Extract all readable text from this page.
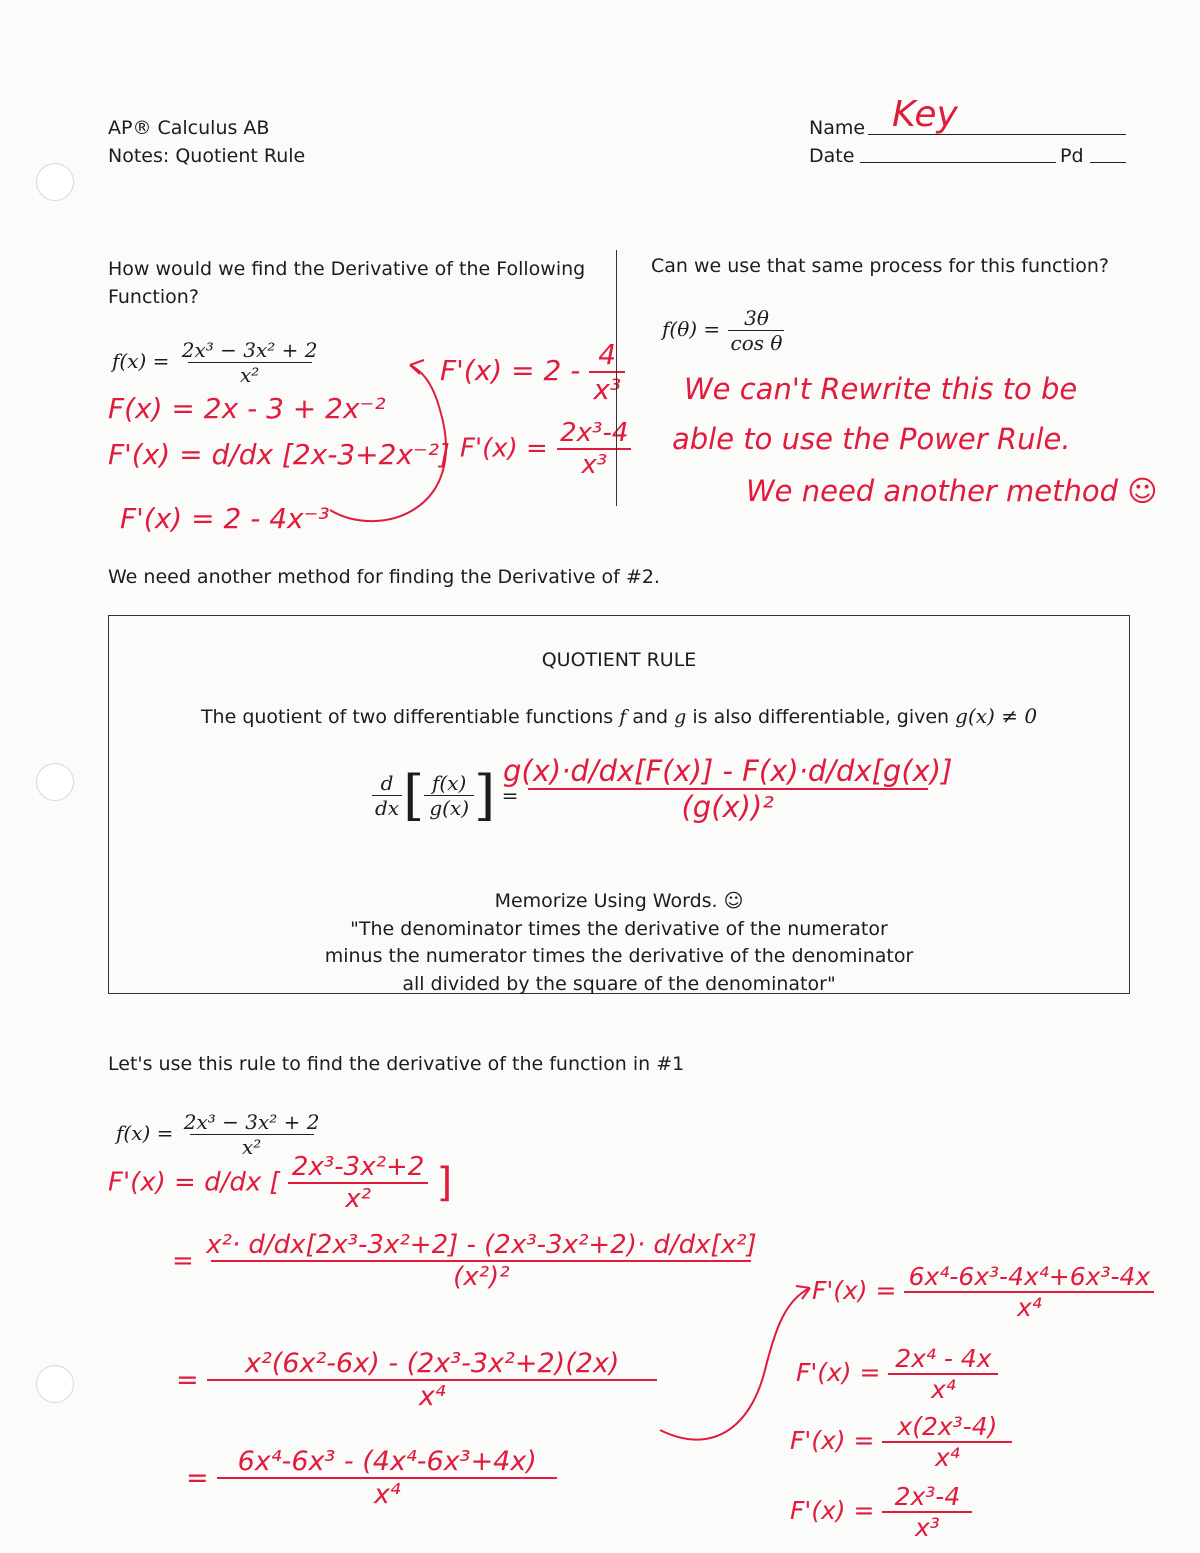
AP® Calculus AB
Notes: Quotient Rule
Name Key
Date	Pd
How would we find the Derivative of the Following Function?
$f(x) = \frac{\text{2x³ − 3x² + 2}}{\text{x²}}$
F(x) = 2x - 3 + 2x⁻²
F'(x) = d/dx [2x-3+2x⁻²]
F'(x) = 2 - 4x⁻³
$F'(x) = 2 - \frac{4}{\text{x³}}$
$F'(x) = \frac{\text{2x³-4}}{\text{x³}}$
Can we use that same process for this function?
$f(\theta) = \frac{3\theta}{\text{cos θ}}$
We can't Rewrite this to be
able to use the Power Rule.
We need another method ☺
We need another method for finding the Derivative of #2.
QUOTIENT RULE
The quotient of two differentiable functions f and g is also differentiable, given g(x) ≠ 0
$\frac{d}{dx}$ [ $\frac{f(x)}{g(x)}$ ] =
$\frac{g(x)\cdot d/dx[F(x)] - F(x)\cdot d/dx[g(x)]}{\text{(g(x))²}}$
Memorize Using Words. ☺
"The denominator times the derivative of the numerator
minus the numerator times the derivative of the denominator
all divided by the square of the denominator"
Let's use this rule to find the derivative of the function in #1
$f(x) = \frac{\text{2x³ − 3x² + 2}}{\text{x²}}$
F'(x) = d/dx [ $\frac{\text{2x³-3x²+2}}{\text{x²}}$ ]
= $\frac{\text{x²· d/dx[2x³-3x²+2] - (2x³-3x²+2)· d/dx[x²]}}{\text{(x²)²}}$
= $\frac{\text{x²(6x²-6x) - (2x³-3x²+2)(2x)}}{\text{x⁴}}$
= $\frac{\text{6x⁴-6x³ - (4x⁴-6x³+4x)}}{\text{x⁴}}$
$F'(x) = \frac{\text{6x⁴-6x³-4x⁴+6x³-4x}}{\text{x⁴}}$
$F'(x) = \frac{\text{2x⁴ - 4x}}{\text{x⁴}}$
$F'(x) = \frac{\text{x(2x³-4)}}{\text{x⁴}}$
$F'(x) = \frac{\text{2x³-4}}{\text{x³}}$
